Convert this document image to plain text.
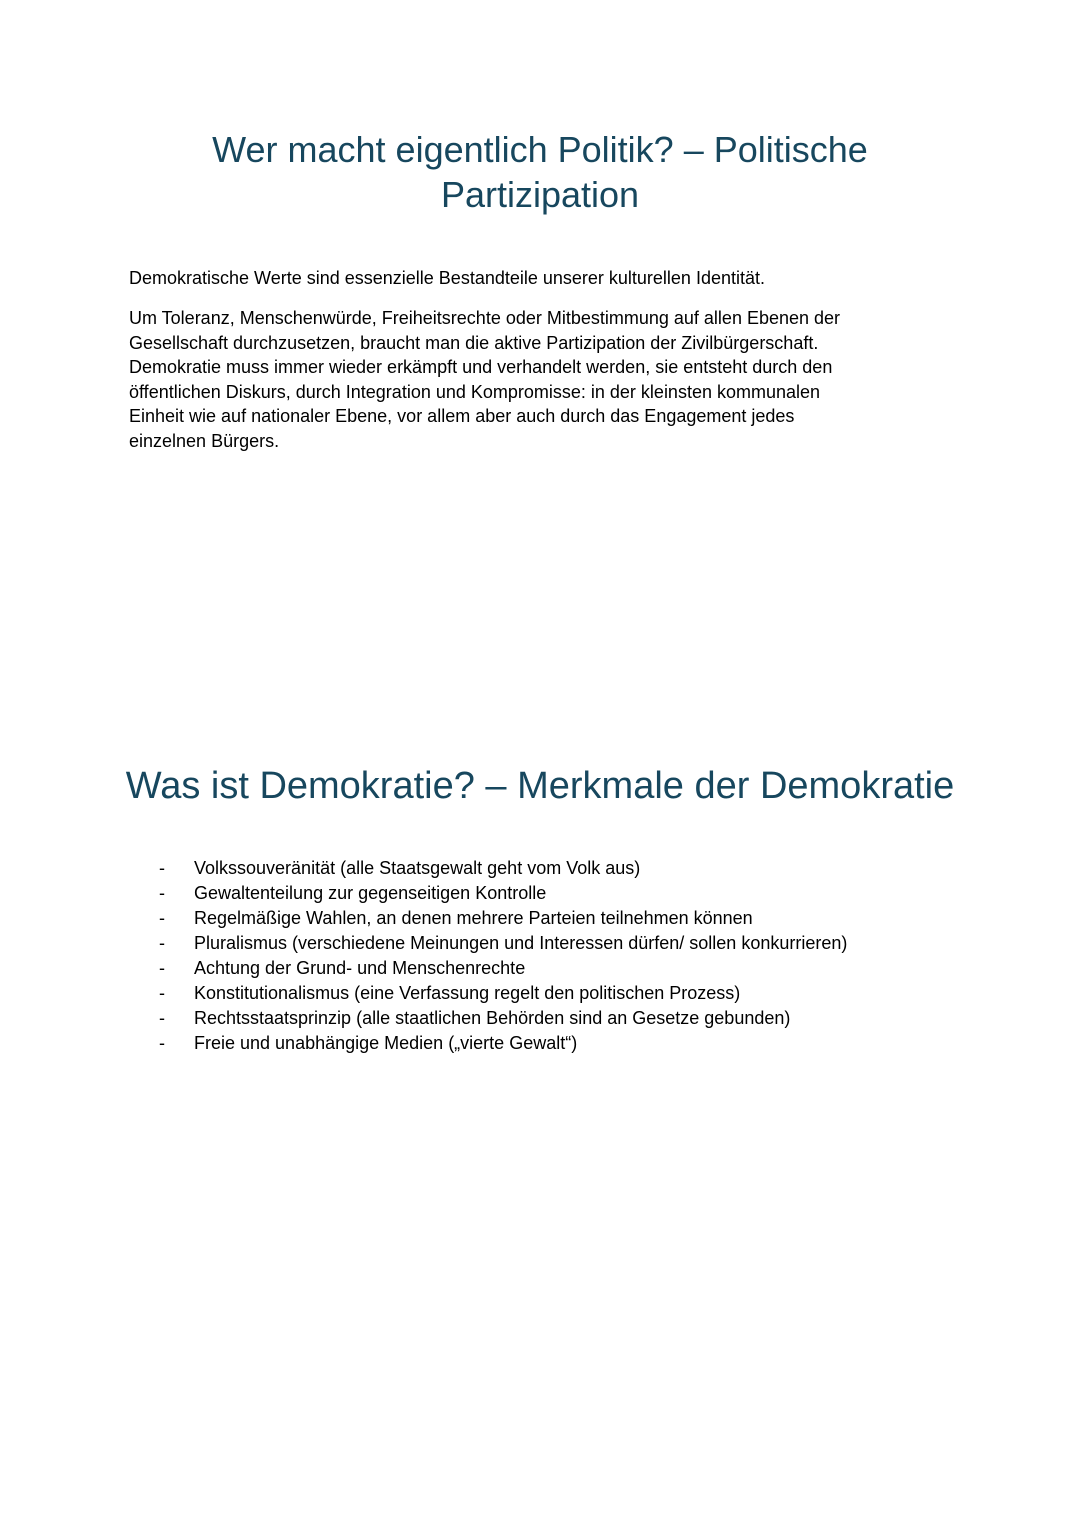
Wer macht eigentlich Politik? – Politische
Partizipation

Demokratische Werte sind essenzielle Bestandteile unserer kulturellen Identität.

Um Toleranz, Menschenwürde, Freiheitsrechte oder Mitbestimmung auf allen Ebenen der
Gesellschaft durchzusetzen, braucht man die aktive Partizipation der Zivilbürgerschaft.
Demokratie muss immer wieder erkämpft und verhandelt werden, sie entsteht durch den
öffentlichen Diskurs, durch Integration und Kompromisse: in der kleinsten kommunalen
Einheit wie auf nationaler Ebene, vor allem aber auch durch das Engagement jedes
einzelnen Bürgers.

Was ist Demokratie? – Merkmale der Demokratie
- Volkssouveränität (alle Staatsgewalt geht vom Volk aus)
- Gewaltenteilung zur gegenseitigen Kontrolle
- Regelmäßige Wahlen, an denen mehrere Parteien teilnehmen können
- Pluralismus (verschiedene Meinungen und Interessen dürfen/ sollen konkurrieren)
- Achtung der Grund- und Menschenrechte
- Konstitutionalismus (eine Verfassung regelt den politischen Prozess)
- Rechtsstaatsprinzip (alle staatlichen Behörden sind an Gesetze gebunden)
- Freie und unabhängige Medien („vierte Gewalt“)
